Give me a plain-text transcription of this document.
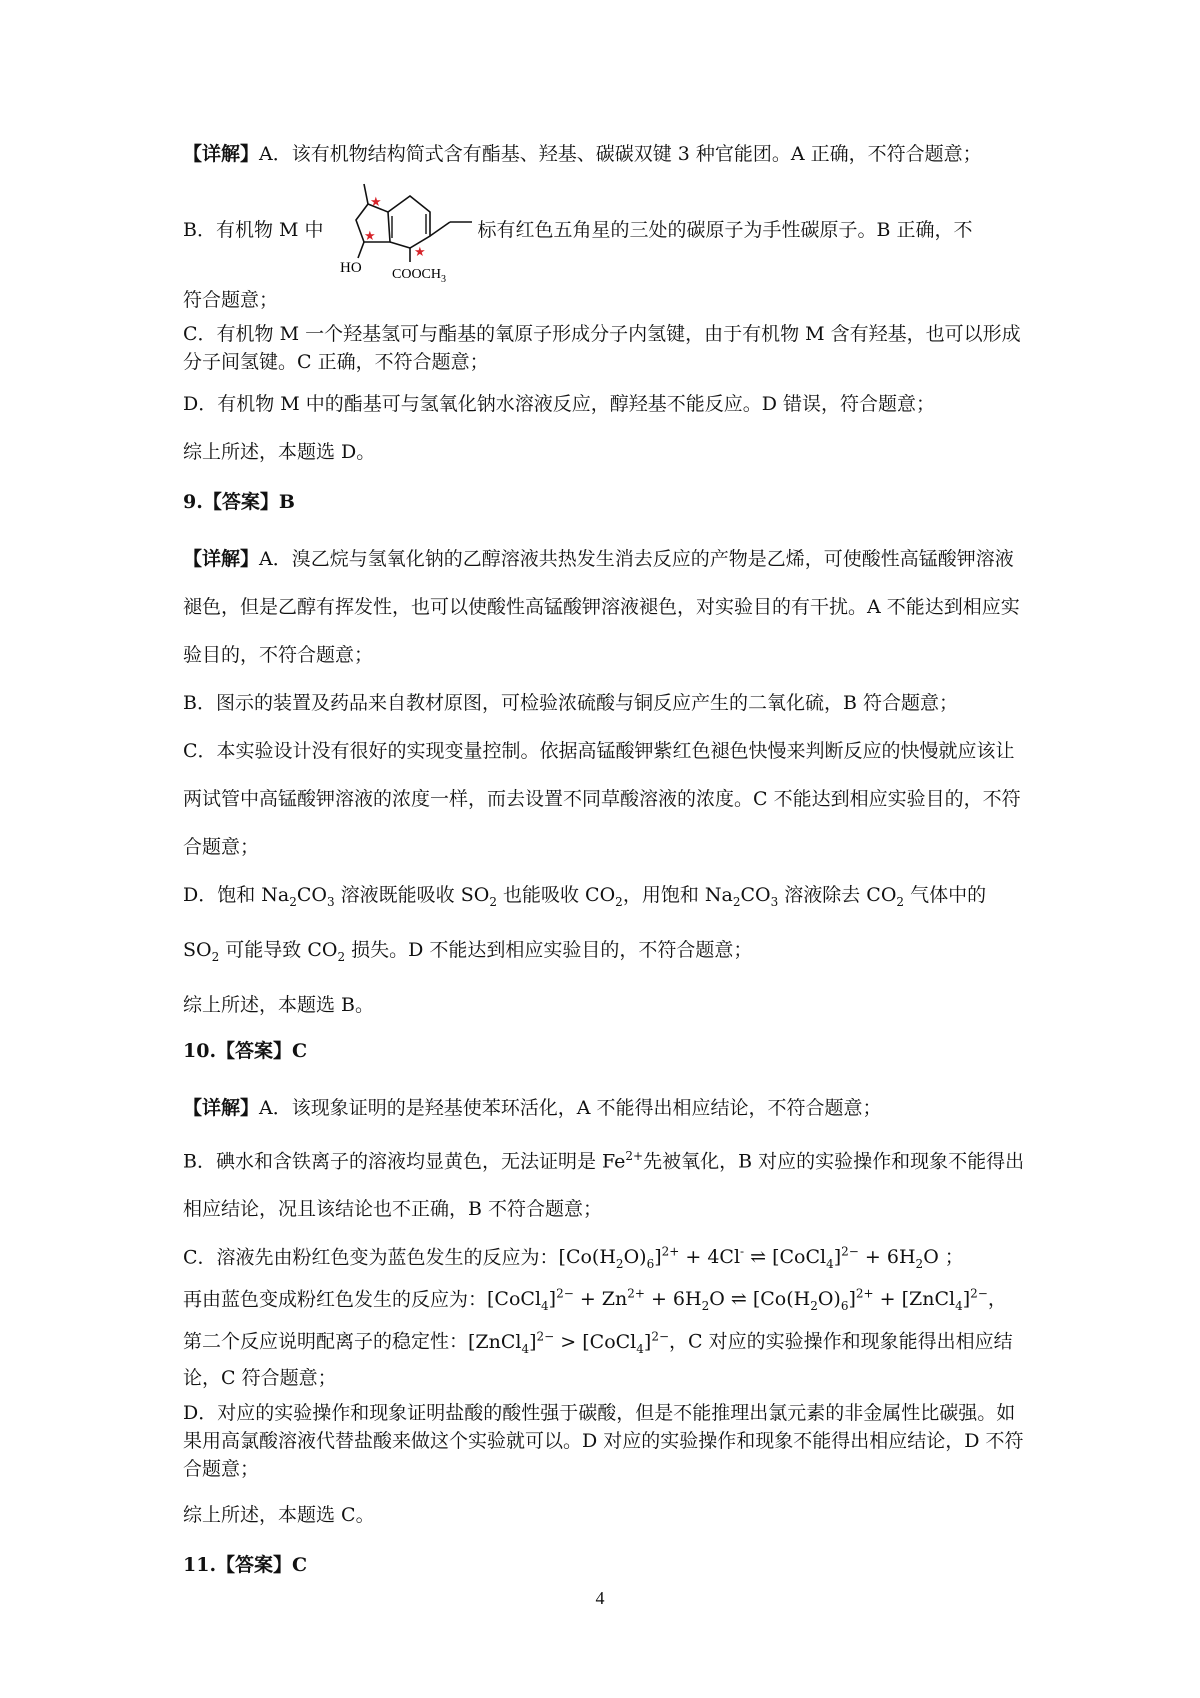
【详解】A．该有机物结构简式含有酯基、羟基、碳碳双键 3 种官能团。A 正确，不符合题意；

B．有机物 M 中
★
★
★
HO $COOCH_3$
标有红色五角星的三处的碳原子为手性碳原子。B 正确，不

符合题意；

C．有机物 M 一个羟基氢可与酯基的氧原子形成分子内氢键，由于有机物 M 含有羟基，也可以形成分子间氢键。C 正确，不符合题意；

D．有机物 M 中的酯基可与氢氧化钠水溶液反应，醇羟基不能反应。D 错误，符合题意；

综上所述，本题选 D。

9.【答案】B

【详解】A．溴乙烷与氢氧化钠的乙醇溶液共热发生消去反应的产物是乙烯，可使酸性高锰酸钾溶液褪色，但是乙醇有挥发性，也可以使酸性高锰酸钾溶液褪色，对实验目的有干扰。A 不能达到相应实验目的，不符合题意；
B．图示的装置及药品来自教材原图，可检验浓硫酸与铜反应产生的二氧化硫，B 符合题意；
C．本实验设计没有很好的实现变量控制。依据高锰酸钾紫红色褪色快慢来判断反应的快慢就应该让两试管中高锰酸钾溶液的浓度一样，而去设置不同草酸溶液的浓度。C 不能达到相应实验目的，不符合题意；
D．饱和 $Na_2CO_3$ 溶液既能吸收 $SO_2$ 也能吸收 $CO_2$，用饱和 $Na_2CO_3$ 溶液除去 $CO_2$ 气体中的 $SO_2$ 可能导致 $CO_2$ 损失。D 不能达到相应实验目的，不符合题意；
综上所述，本题选 B。

10.【答案】C

【详解】A．该现象证明的是羟基使苯环活化，A 不能得出相应结论，不符合题意；
B．碘水和含铁离子的溶液均显黄色，无法证明是 $Fe^{2+}$先被氧化，B 对应的实验操作和现象不能得出相应结论，况且该结论也不正确，B 不符合题意；

C．溶液先由粉红色变为蓝色发生的反应为：$[Co(H_2O)_6]^{2+} + 4Cl^-$ ⇌ [CoCl$_4$]$^{2-}$ + $6H_2O$ ；

再由蓝色变成粉红色发生的反应为：[CoCl$_4$]$^{2-}$ + $Zn^{2+} + 6H_2O$ ⇌ $[Co(H_2O)_6]^{2+}$ + [ZnCl$_4$]$^{2-}$，

第二个反应说明配离子的稳定性：[ZnCl$_4$]$^{2-}$ > [CoCl$_4$]$^{2-}$，C 对应的实验操作和现象能得出相应结论，C 符合题意；

D．对应的实验操作和现象证明盐酸的酸性强于碳酸，但是不能推理出氯元素的非金属性比碳强。如果用高氯酸溶液代替盐酸来做这个实验就可以。D 对应的实验操作和现象不能得出相应结论，D 不符合题意；

综上所述，本题选 C。

11.【答案】C

4
